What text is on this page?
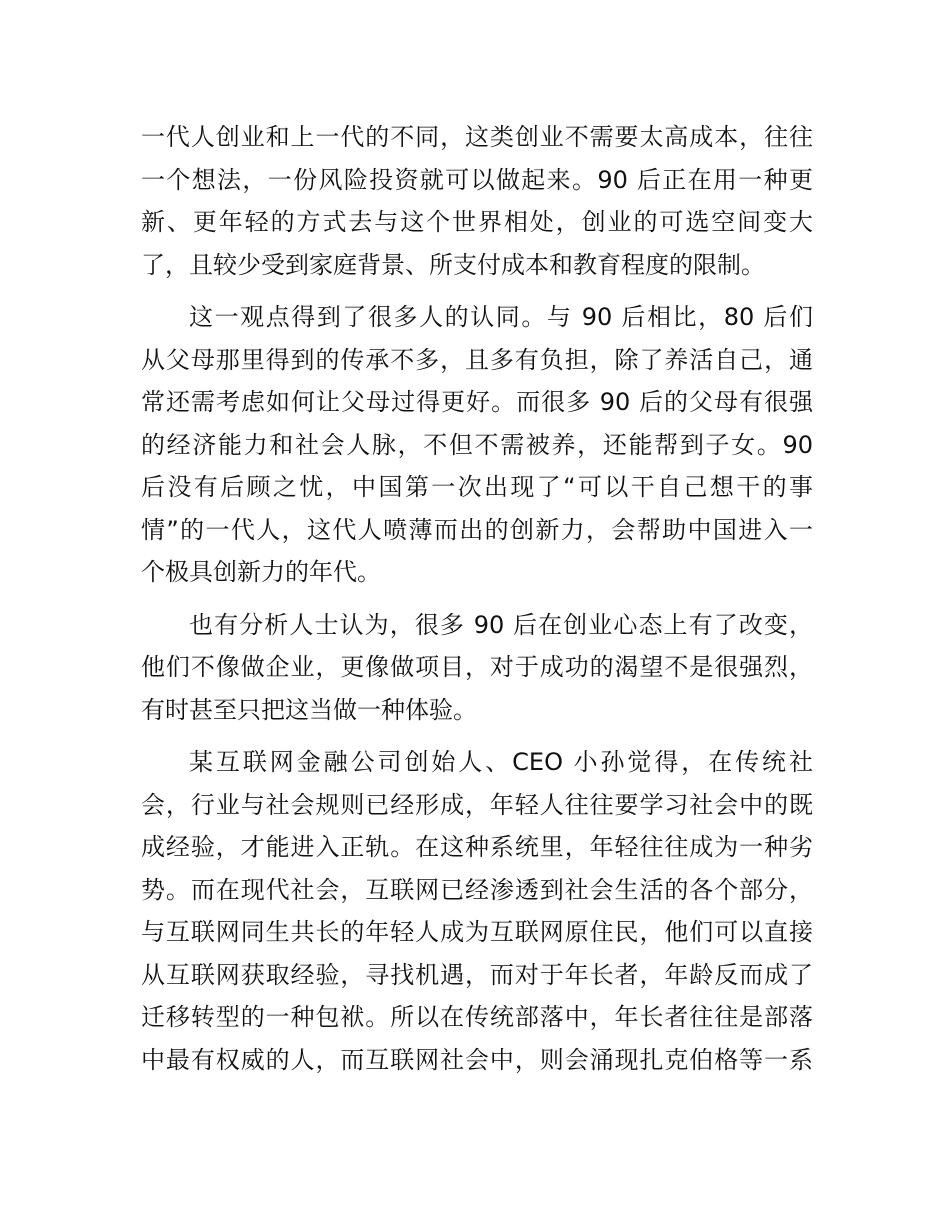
一代人创业和上一代的不同，这类创业不需要太高成本，往往
一个想法，一份风险投资就可以做起来。90 后正在用一种更
新、更年轻的方式去与这个世界相处，创业的可选空间变大
了，且较少受到家庭背景、所支付成本和教育程度的限制。
这一观点得到了很多人的认同。与 90 后相比，80 后们
从父母那里得到的传承不多，且多有负担，除了养活自己，通
常还需考虑如何让父母过得更好。而很多 90 后的父母有很强
的经济能力和社会人脉，不但不需被养，还能帮到子女。90
后没有后顾之忧，中国第一次出现了“可以干自己想干的事
情”的一代人，这代人喷薄而出的创新力，会帮助中国进入一
个极具创新力的年代。
也有分析人士认为，很多 90 后在创业心态上有了改变，
他们不像做企业，更像做项目，对于成功的渴望不是很强烈，
有时甚至只把这当做一种体验。
某互联网金融公司创始人、CEO 小孙觉得，在传统社
会，行业与社会规则已经形成，年轻人往往要学习社会中的既
成经验，才能进入正轨。在这种系统里，年轻往往成为一种劣
势。而在现代社会，互联网已经渗透到社会生活的各个部分，
与互联网同生共长的年轻人成为互联网原住民，他们可以直接
从互联网获取经验，寻找机遇，而对于年长者，年龄反而成了
迁移转型的一种包袱。所以在传统部落中，年长者往往是部落
中最有权威的人，而互联网社会中，则会涌现扎克伯格等一系
